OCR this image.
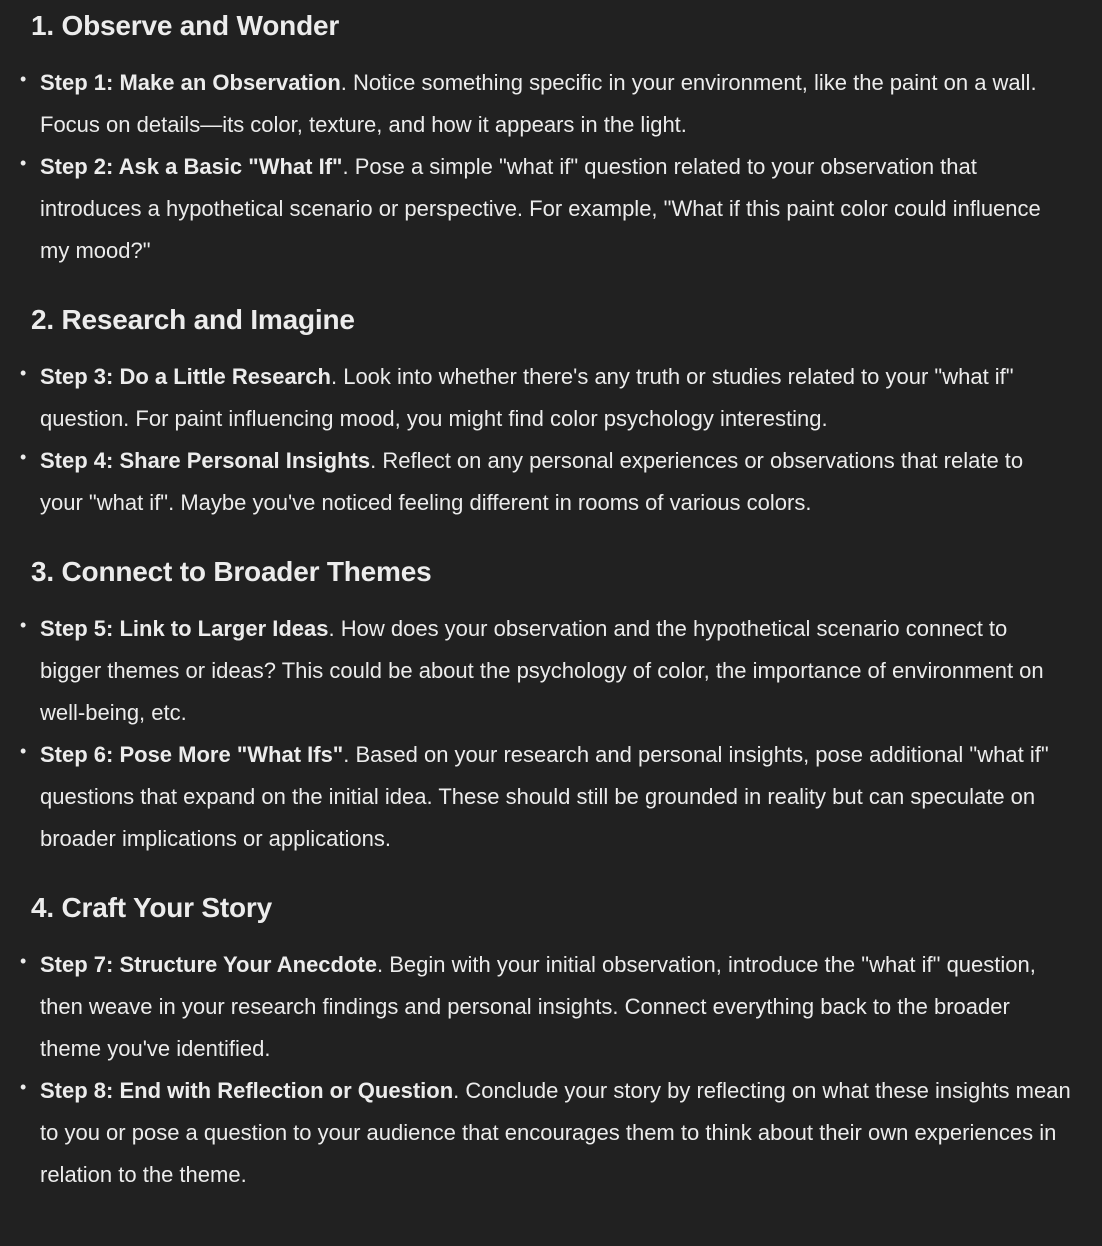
1. Observe and Wonder
• Step 1: Make an Observation. Notice something specific in your environment, like the paint on a wall. Focus on details—its color, texture, and how it appears in the light.
• Step 2: Ask a Basic "What If". Pose a simple "what if" question related to your observation that introduces a hypothetical scenario or perspective. For example, "What if this paint color could influence my mood?"
2. Research and Imagine
• Step 3: Do a Little Research. Look into whether there's any truth or studies related to your "what if" question. For paint influencing mood, you might find color psychology interesting.
• Step 4: Share Personal Insights. Reflect on any personal experiences or observations that relate to your "what if". Maybe you've noticed feeling different in rooms of various colors.
3. Connect to Broader Themes
• Step 5: Link to Larger Ideas. How does your observation and the hypothetical scenario connect to bigger themes or ideas? This could be about the psychology of color, the importance of environment on well-being, etc.
• Step 6: Pose More "What Ifs". Based on your research and personal insights, pose additional "what if" questions that expand on the initial idea. These should still be grounded in reality but can speculate on broader implications or applications.
4. Craft Your Story
• Step 7: Structure Your Anecdote. Begin with your initial observation, introduce the "what if" question, then weave in your research findings and personal insights. Connect everything back to the broader theme you've identified.
• Step 8: End with Reflection or Question. Conclude your story by reflecting on what these insights mean to you or pose a question to your audience that encourages them to think about their own experiences in relation to the theme.
